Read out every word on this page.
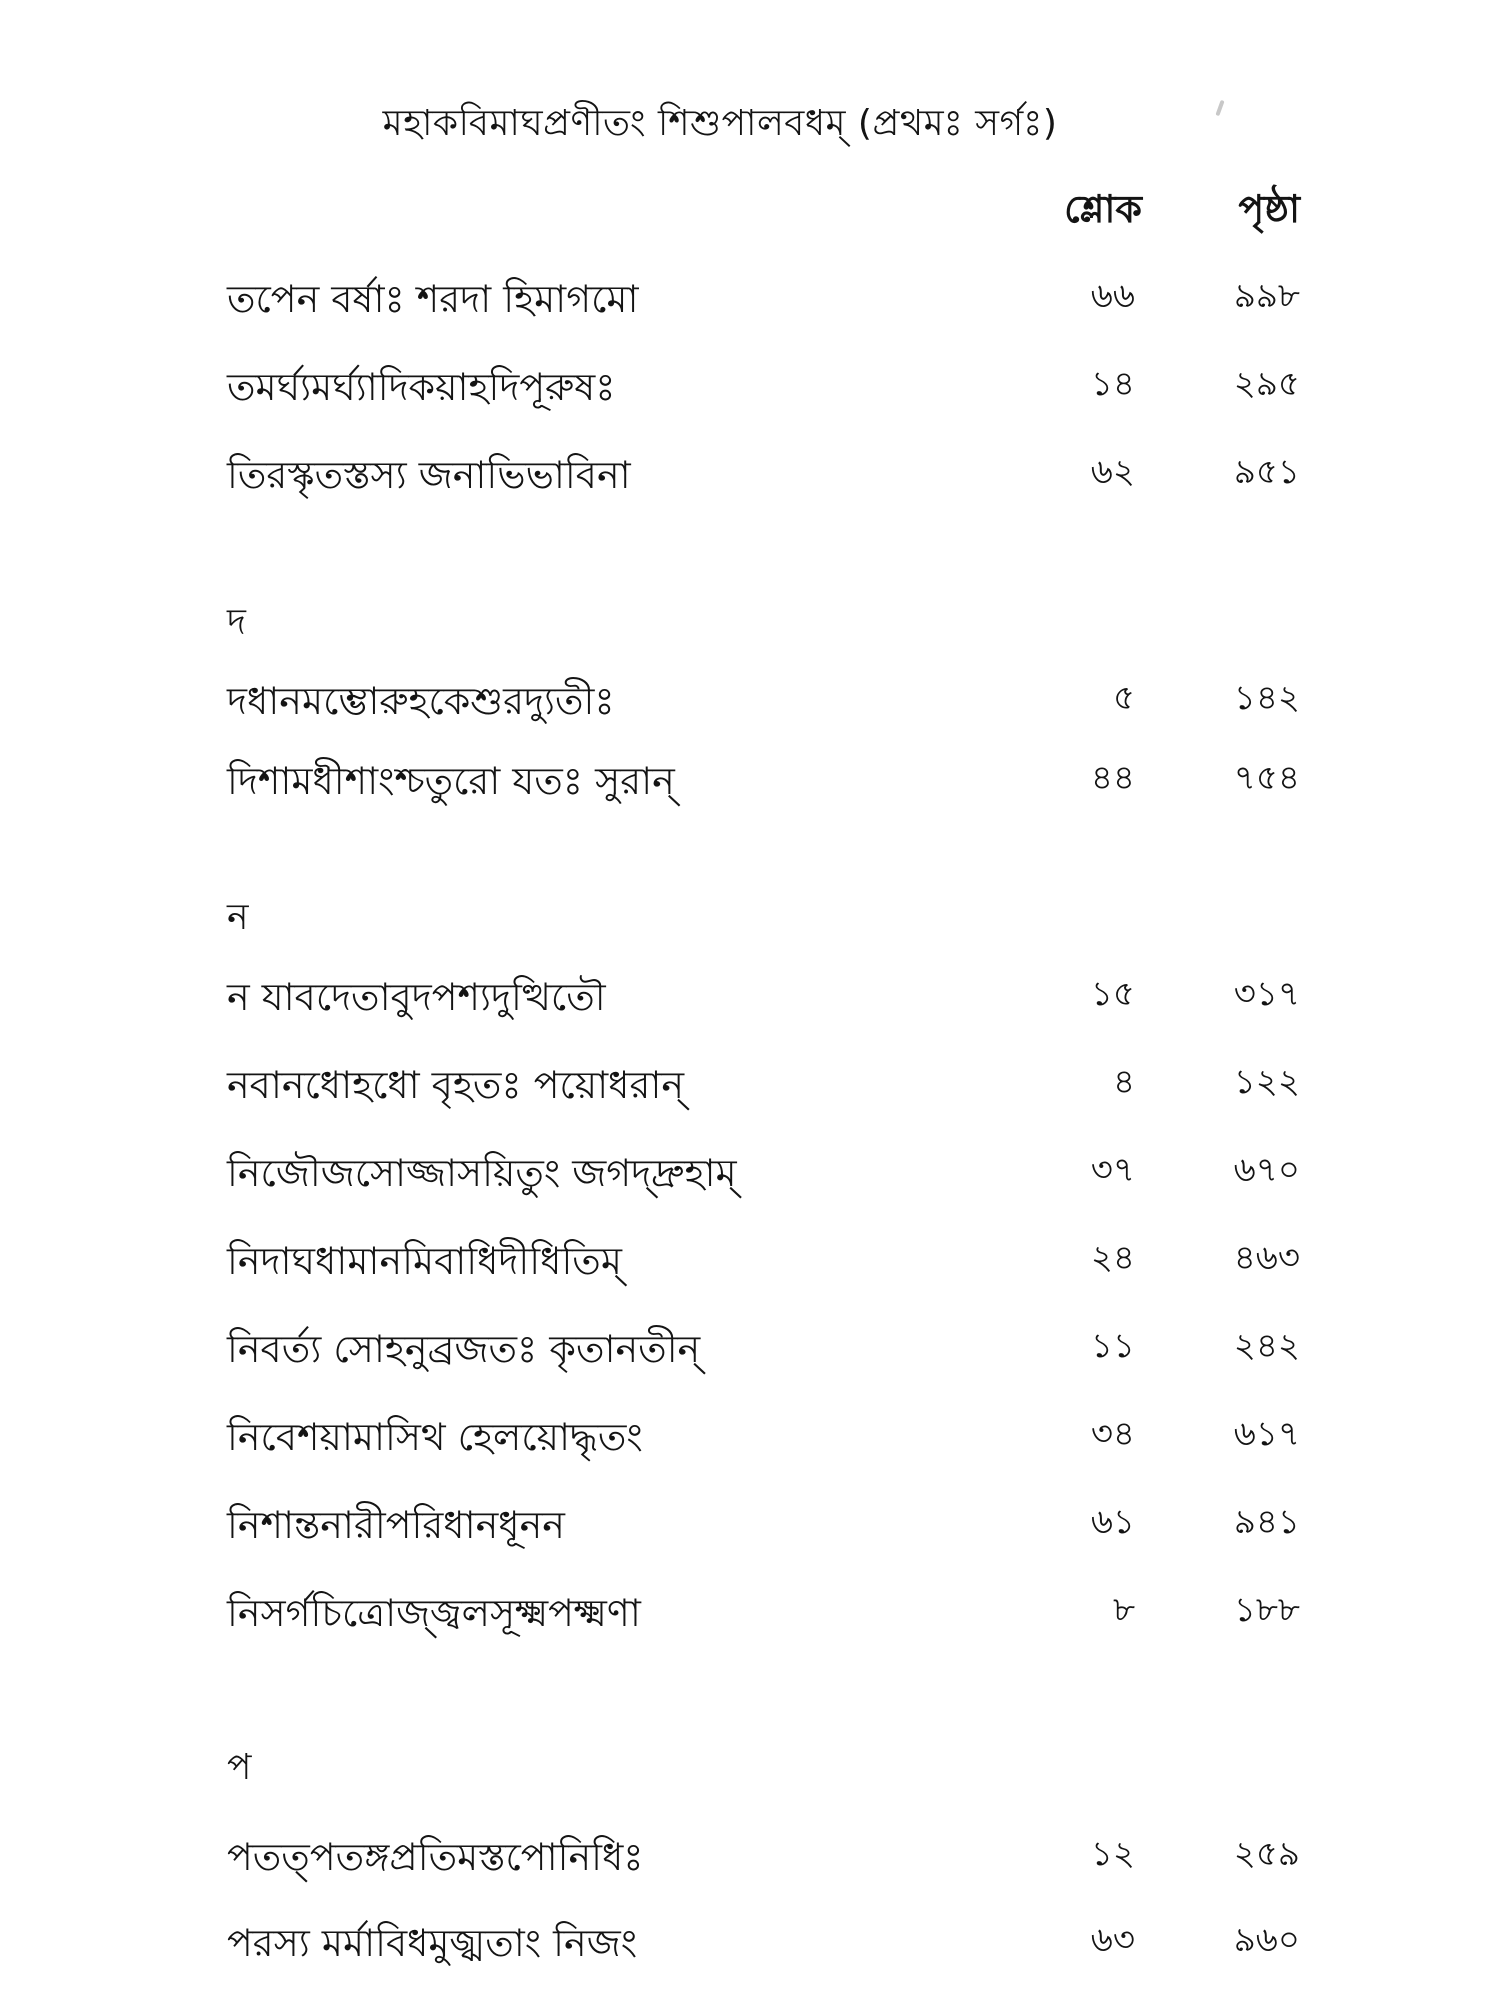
মহাকবিমাঘপ্রণীতং শিশুপালবধম্‌ (প্রথমঃ সর্গঃ)
শ্লোক	পৃষ্ঠা
তপেন বর্ষাঃ শরদা হিমাগমো	৬৬	৯৯৮
তমর্ঘ্যমর্ঘ্যাদিকয়াহদিপূরুষঃ	১৪	২৯৫
তিরস্কৃতস্তস্য জনাভিভাবিনা	৬২	৯৫১
দ
দধানমম্ভোরুহকেশুরদ্যুতীঃ	৫	১৪২
দিশামধীশাংশ্চতুরো যতঃ সুরান্‌	৪৪	৭৫৪
ন
ন যাবদেতাবুদপশ্যদুত্থিতৌ	১৫	৩১৭
নবানধোহধো বৃহতঃ পয়োধরান্‌	৪	১২২
নিজৌজসোজ্জাসয়িতুং জগদ্দ্রুহাম্‌	৩৭	৬৭০
নিদাঘধামানমিবাধিদীধিতিম্‌	২৪	৪৬৩
নিবর্ত্য সোহনুব্রজতঃ কৃতানতীন্‌	১১	২৪২
নিবেশয়ামাসিথ হেলয়োদ্ধৃতং	৩৪	৬১৭
নিশান্তনারীপরিধানধূনন	৬১	৯৪১
নিসর্গচিত্রোজ্জ্বলসূক্ষ্মপক্ষ্মণা	৮	১৮৮
প
পতত্পতঙ্গপ্রতিমস্তপোনিধিঃ	১২	২৫৯
পরস্য মর্মাবিধমুজ্ঝতাং নিজং	৬৩	৯৬০
